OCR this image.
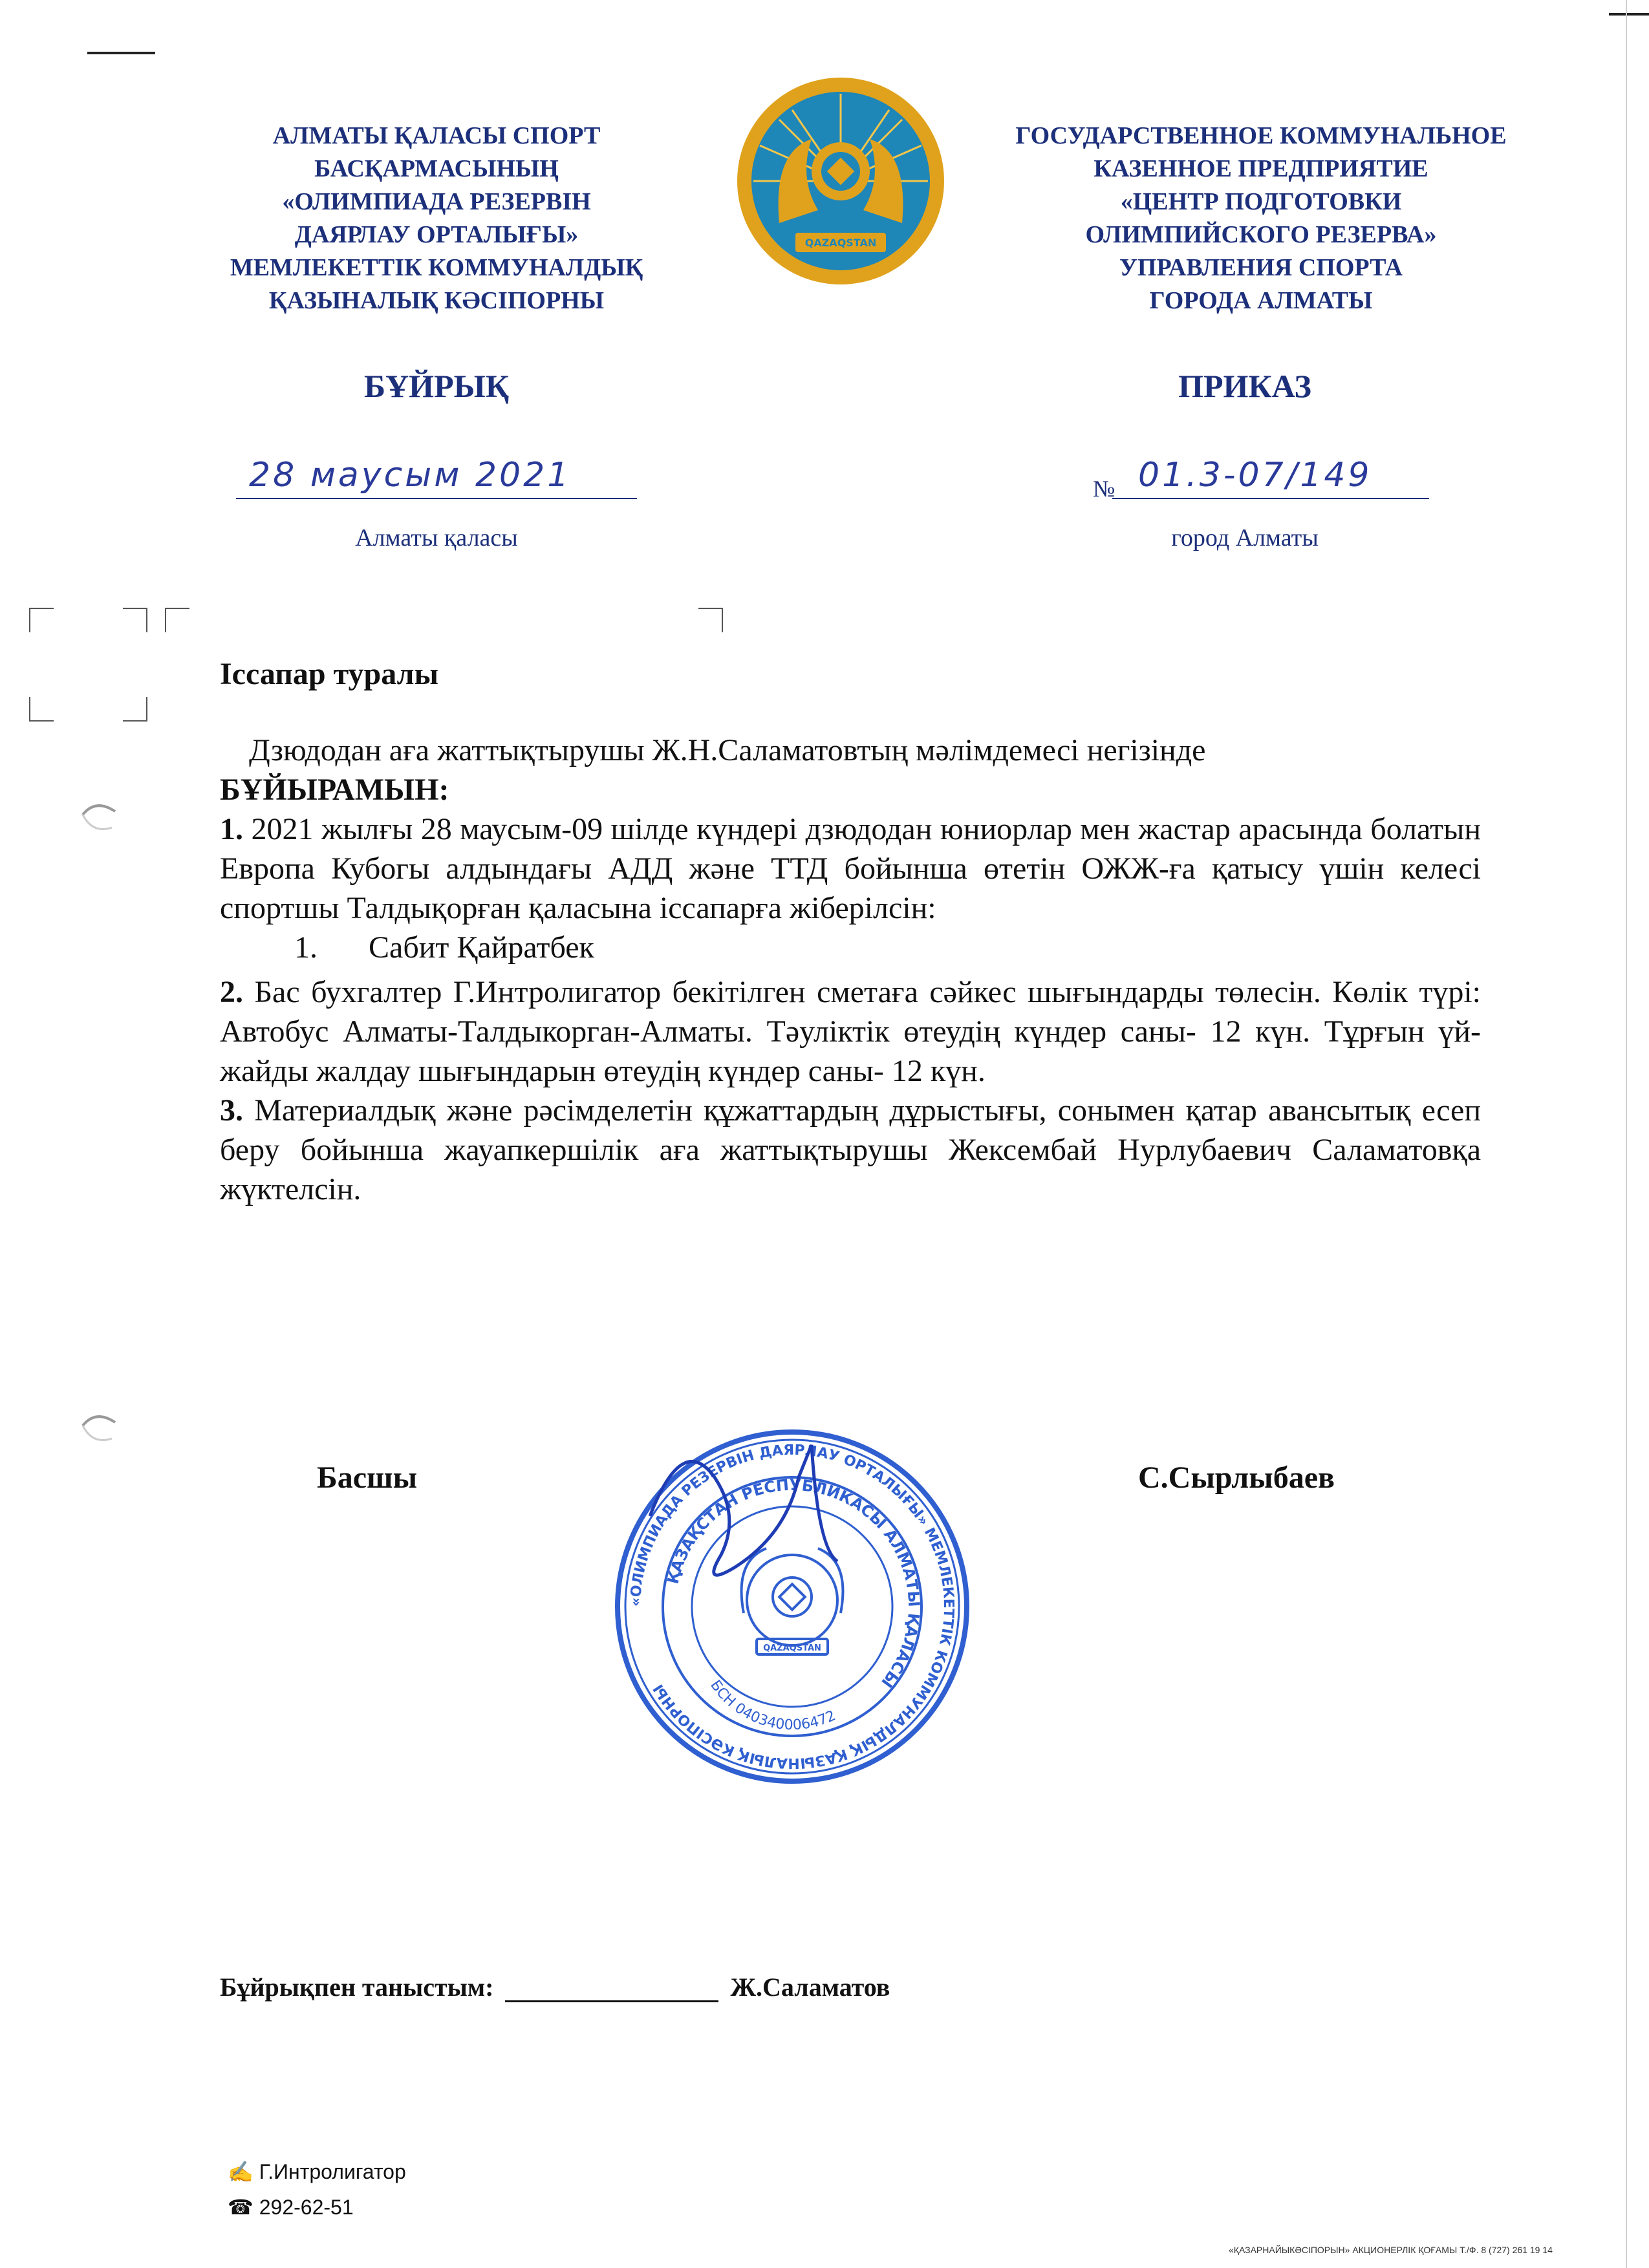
АЛМАТЫ ҚАЛАСЫ СПОРТ
БАСҚАРМАСЫНЫҢ
«ОЛИМПИАДА РЕЗЕРВІН
ДАЯРЛАУ ОРТАЛЫҒЫ»
МЕМЛЕКЕТТІК КОММУНАЛДЫҚ
ҚАЗЫНАЛЫҚ КӘСІПОРНЫ
QAZAQSTAN
ГОСУДАРСТВЕННОЕ КОММУНАЛЬНОЕ
КАЗЕННОЕ ПРЕДПРИЯТИЕ
«ЦЕНТР ПОДГОТОВКИ
ОЛИМПИЙСКОГО РЕЗЕРВА»
УПРАВЛЕНИЯ СПОРТА
ГОРОДА АЛМАТЫ
БҰЙРЫҚ	ПРИКАЗ
28 маусым 2021	№ 01.3-07/149
Алматы қаласы	город Алматы
Іссапар туралы

Дзюдодан аға жаттықтырушы Ж.Н.Саламатовтың мәлімдемесі негізінде

БҰЙЫРАМЫН:

1. 2021 жылғы 28 маусым-09 шілде күндері дзюдодан юниорлар мен жастар арасында болатын Европа Кубогы алдындағы АДД және ТТД бойынша өтетін ОЖЖ-ға қатысу үшін келесі спортшы Талдықорған қаласына іссапарға жіберілсін:

1. Сабит Қайратбек

2. Бас бухгалтер Г.Интролигатор бекітілген сметаға сәйкес шығындарды төлесін. Көлік түрі: Автобус Алматы-Талдыкорган-Алматы. Тәуліктік өтеудің күндер саны- 12 күн. Тұрғын үй-жайды жалдау шығындарын өтеудің күндер саны- 12 күн.

3. Материалдық және рәсімделетін құжаттардың дұрыстығы, сонымен қатар авансытық есеп беру бойынша жауапкершілік аға жаттықтырушы Жексембай Нурлубаевич Саламатовқа жүктелсін.

Басшы	С.Сырлыбаев
«ОЛИМПИАДА РЕЗЕРВІН ДАЯРЛАУ ОРТАЛЫҒЫ» МЕМЛЕКЕТТІК КОММУНАЛДЫҚ ҚАЗЫНАЛЫҚ КӘСІПОРНЫ
ҚАЗАҚСТАН РЕСПУБЛИКАСЫ АЛМАТЫ ҚАЛАСЫ
БСН 040340006472
QAZAQSTAN
Бұйрықпен таныстым:	Ж.Саламатов
✍ Г.Интролигатор
☎ 292-62-51
«ҚАЗАРНАЙЫКӘСІПОРЫН» АКЦИОНЕРЛІК ҚОҒАМЫ Т./Ф. 8 (727) 261 19 14
